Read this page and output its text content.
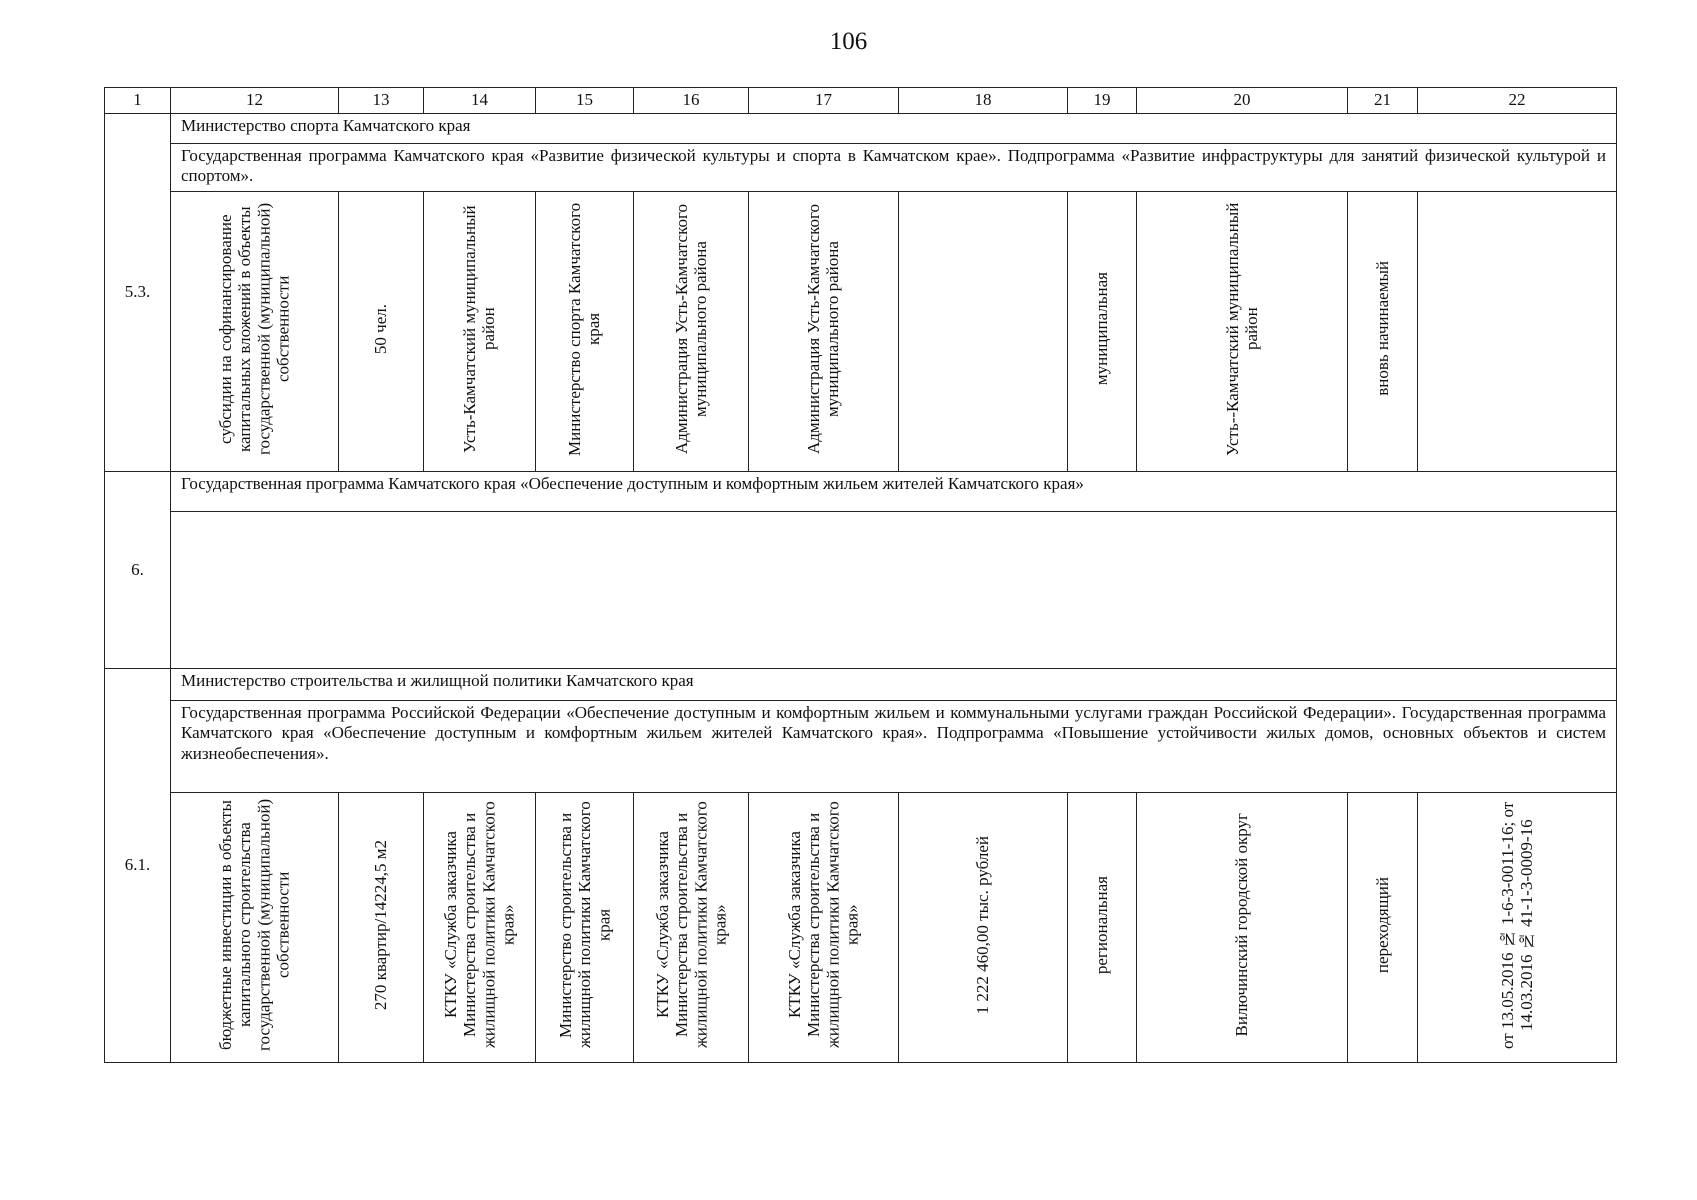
106
1	12	13	14	15	16	17	18	19	20	21	22
5.3.	Министерство спорта Камчатского края										
	Государственная программа Камчатского края «Развитие физической культуры и спорта в Камчатском крае». Подпрограмма «Развитие инфраструктуры для занятий физической культурой и спортом».										
	субсидии на софинансирование капитальных вложений в объекты государственной (муниципальной) собственности	50 чел.	Усть-Камчатский муниципальный район	Министерство спорта Камчатского края	Администрация Усть-Камчатского муниципального района	Администрация Усть-Камчатского муниципального района		муниципальная	Усть--Камчатский муниципальный район	вновь начинаемый	
6.	Государственная программа Камчатского края «Обеспечение доступным и комфортным жильем жителей Камчатского края»										

6.1.	Министерство строительства и жилищной политики Камчатского края										
	Государственная программа Российской Федерации «Обеспечение доступным и комфортным жильем и коммунальными услугами граждан Российской Федерации». Государственная программа Камчатского края «Обеспечение доступным и комфортным жильем жителей Камчатского края». Подпрограмма «Повышение устойчивости жилых домов, основных объектов и систем жизнеобеспечения».										
	бюджетные инвестиции в объекты капитального строительства государственной (муниципальной) собственности	270 квартир/14224,5 м2	КТКУ «Служба заказчика Министерства строительства и жилищной политики Камчатского края»	Министерство строительства и жилищной политики Камчатского края	КТКУ «Служба заказчика Министерства строительства и жилищной политики Камчатского края»	КТКУ «Служба заказчика Министерства строительства и жилищной политики Камчатского края»	1 222 460,00 тыс. рублей	региональная	Вилючинский городской округ	переходящий	от 13.05.2016 № 1-6-3-0011-16; от 14.03.2016 № 41-1-3-0009-16
